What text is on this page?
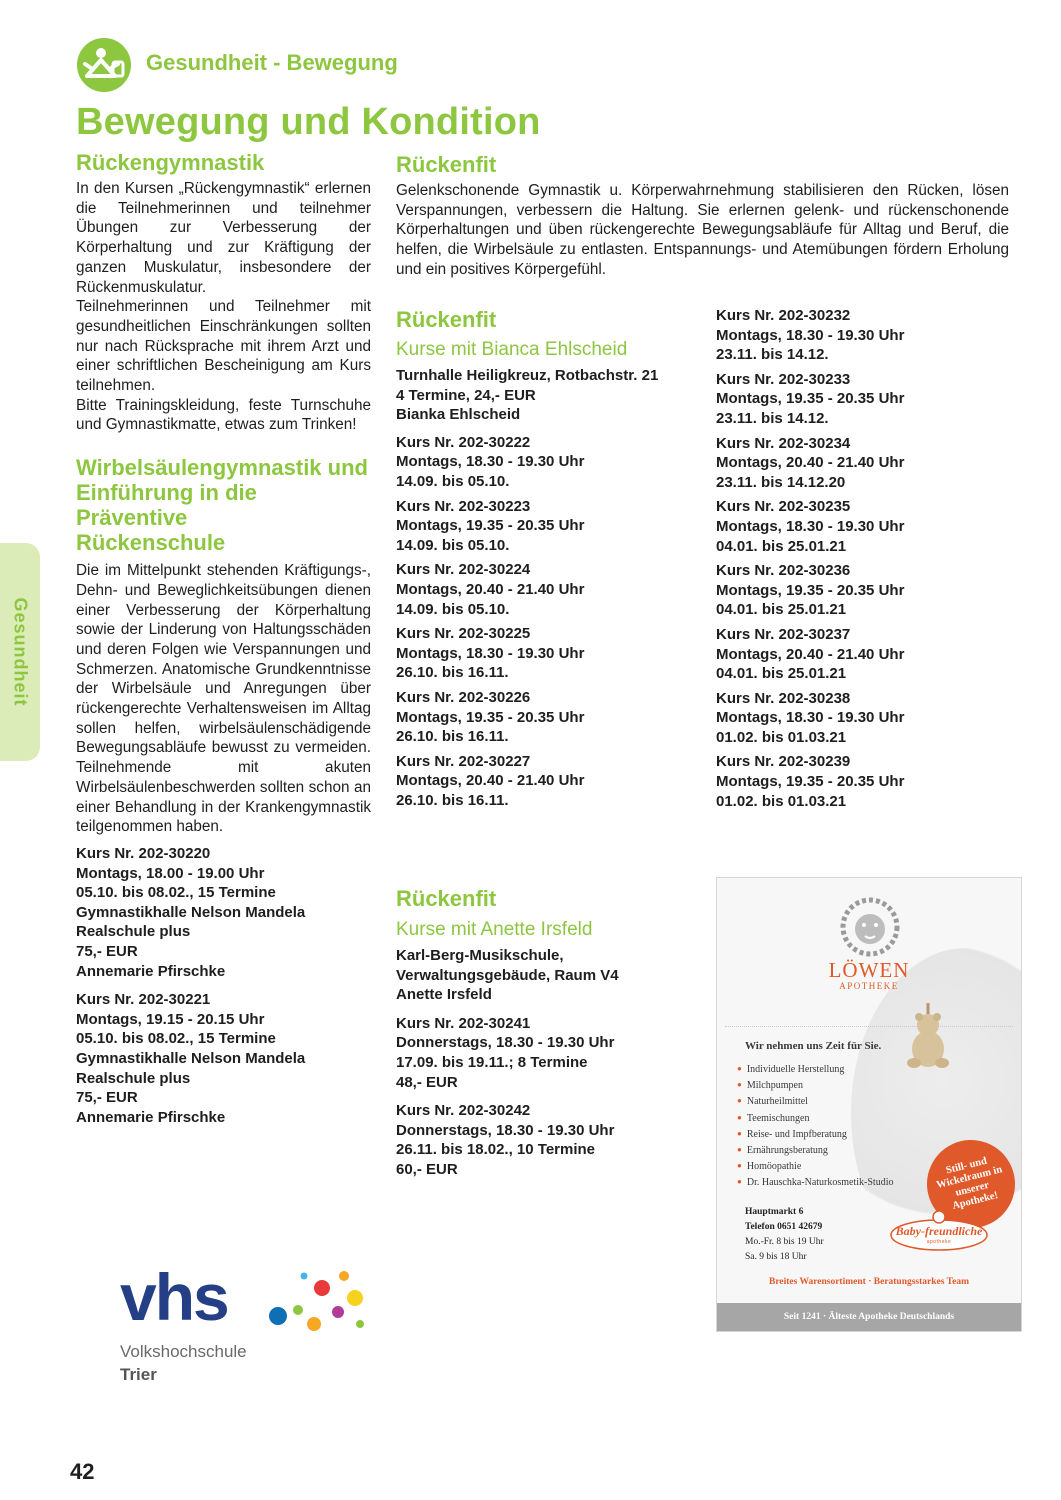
Gesundheit - Bewegung
Bewegung und Kondition
Gesundheit
Rückengymnastik

In den Kursen „Rückengymnastik“ erlernen die Teilnehmerinnen und teilnehmer Übungen zur Verbesserung der Körperhaltung und zur Kräftigung der ganzen Muskulatur, insbesondere der Rückenmuskulatur.

Teilnehmerinnen und Teilnehmer mit gesundheitlichen Einschränkungen sollten nur nach Rücksprache mit ihrem Arzt und einer schriftlichen Bescheinigung am Kurs teilnehmen.

Bitte Trainingskleidung, feste Turnschuhe und Gymnastikmatte, etwas zum Trinken!

Wirbelsäulengymnastik und
Einführung in die Präventive
Rückenschule
Die im Mittelpunkt stehenden Kräftigungs-, Dehn- und Beweglichkeitsübungen dienen einer Verbesserung der Körperhaltung sowie der Linderung von Haltungsschäden und deren Folgen wie Verspannungen und Schmerzen. Anatomische Grundkenntnisse der Wirbelsäule und Anregungen über rückengerechte Verhaltensweisen im Alltag sollen helfen, wirbelsäulenschädigende Bewegungsabläufe bewusst zu vermeiden. Teilnehmende mit akuten Wirbelsäulenbeschwerden sollten schon an einer Behandlung in der Krankengymnastik teilgenommen haben.
Kurs Nr. 202-30220
Montags, 18.00 - 19.00 Uhr
05.10. bis 08.02., 15 Termine
Gymnastikhalle Nelson Mandela
Realschule plus
75,- EUR
Annemarie Pfirschke
Kurs Nr. 202-30221
Montags, 19.15 - 20.15 Uhr
05.10. bis 08.02., 15 Termine
Gymnastikhalle Nelson Mandela
Realschule plus
75,- EUR
Annemarie Pfirschke
Rückenfit
Gelenkschonende Gymnastik u. Körperwahrnehmung stabilisieren den Rücken, lösen Verspannungen, verbessern die Haltung. Sie erlernen gelenk- und rückenschonende Körperhaltungen und üben rückengerechte Bewegungsabläufe für Alltag und Beruf, die helfen, die Wirbelsäule zu entlasten. Entspannungs- und Atemübungen fördern Erholung und ein positives Körpergefühl.
Rückenfit
Kurse mit Bianca Ehlscheid
Turnhalle Heiligkreuz, Rotbachstr. 21
4 Termine, 24,- EUR
Bianka Ehlscheid
Kurs Nr. 202-30222
Montags, 18.30 - 19.30 Uhr
14.09. bis 05.10.
Kurs Nr. 202-30223
Montags, 19.35 - 20.35 Uhr
14.09. bis 05.10.
Kurs Nr. 202-30224
Montags, 20.40 - 21.40 Uhr
14.09. bis 05.10.
Kurs Nr. 202-30225
Montags, 18.30 - 19.30 Uhr
26.10. bis 16.11.
Kurs Nr. 202-30226
Montags, 19.35 - 20.35 Uhr
26.10. bis 16.11.
Kurs Nr. 202-30227
Montags, 20.40 - 21.40 Uhr
26.10. bis 16.11.
Kurs Nr. 202-30232
Montags, 18.30 - 19.30 Uhr
23.11. bis 14.12.
Kurs Nr. 202-30233
Montags, 19.35 - 20.35 Uhr
23.11. bis 14.12.
Kurs Nr. 202-30234
Montags, 20.40 - 21.40 Uhr
23.11. bis 14.12.20
Kurs Nr. 202-30235
Montags, 18.30 - 19.30 Uhr
04.01. bis 25.01.21
Kurs Nr. 202-30236
Montags, 19.35 - 20.35 Uhr
04.01. bis 25.01.21
Kurs Nr. 202-30237
Montags, 20.40 - 21.40 Uhr
04.01. bis 25.01.21
Kurs Nr. 202-30238
Montags, 18.30 - 19.30 Uhr
01.02. bis 01.03.21
Kurs Nr. 202-30239
Montags, 19.35 - 20.35 Uhr
01.02. bis 01.03.21
Rückenfit
Kurse mit Anette Irsfeld
Karl-Berg-Musikschule,
Verwaltungsgebäude, Raum V4
Anette Irsfeld
Kurs Nr. 202-30241
Donnerstags, 18.30 - 19.30 Uhr
17.09. bis 19.11.; 8 Termine
48,- EUR
Kurs Nr. 202-30242
Donnerstags, 18.30 - 19.30 Uhr
26.11. bis 18.02., 10 Termine
60,- EUR
LÖWEN
APOTHEKE
Wir nehmen uns Zeit für Sie.
● Individuelle Herstellung
● Milchpumpen
● Naturheilmittel
● Teemischungen
● Reise- und Impfberatung
● Ernährungsberatung
● Homöopathie
● Dr. Hauschka-Naturkosmetik-Studio
Still- und Wickelraum in unserer Apotheke!
Hauptmarkt 6
Telefon 0651 42679
Mo.-Fr. 8 bis 19 Uhr
Sa. 9 bis 18 Uhr
Baby-freundliche
apotheke
Breites Warensortiment · Beratungsstarkes Team
Seit 1241 · Älteste Apotheke Deutschlands
vhs
Volkshochschule
Trier
42
